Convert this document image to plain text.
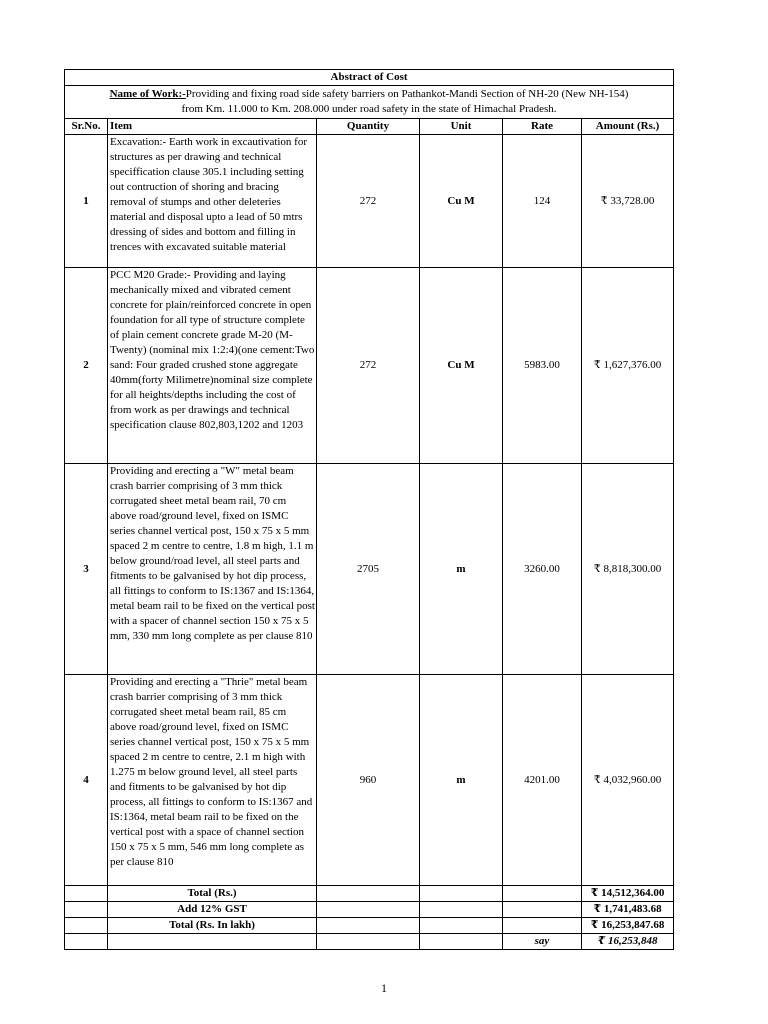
Abstract of Cost					
Name of Work:-Providing and fixing road side safety barriers on Pathankot-Mandi Section of NH-20 (New NH-154)
from Km. 11.000 to Km. 208.000 under road safety in the state of Himachal Pradesh.					
Sr.No.	Item	Quantity	Unit	Rate	Amount (Rs.)
1	Excavation:- Earth work in excautivation for structures as per drawing and technical speciffication clause 305.1 including setting out contruction of shoring and bracing removal of stumps and other deleteries material and disposal upto a lead of 50 mtrs dressing of sides and bottom and filling in trences with excavated suitable material	272	Cu M	124	₹ 33,728.00
2	PCC M20 Grade:- Providing and laying mechanically mixed and vibrated cement concrete for plain/reinforced concrete in open foundation for all type of structure complete of plain cement concrete grade M-20 (M-Twenty) (nominal mix 1:2:4)(one cement:Two sand: Four graded crushed stone aggregate 40mm(forty Milimetre)nominal size complete for all heights/depths including the cost of from work as per drawings and technical specification clause 802,803,1202 and 1203	272	Cu M	5983.00	₹ 1,627,376.00
3	Providing and erecting a "W" metal beam crash barrier comprising of 3 mm thick corrugated sheet metal beam rail, 70 cm above road/ground level, fixed on ISMC series channel vertical post, 150 x 75 x 5 mm spaced 2 m centre to centre, 1.8 m high, 1.1 m below ground/road level, all steel parts and fitments to be galvanised by hot dip process, all fittings to conform to IS:1367 and IS:1364, metal beam rail to be fixed on the vertical post with a spacer of channel section 150 x 75 x 5 mm, 330 mm long complete as per clause 810	2705	m	3260.00	₹ 8,818,300.00
4	Providing and erecting a "Thrie" metal beam crash barrier comprising of 3 mm thick corrugated sheet metal beam rail, 85 cm above road/ground level, fixed on ISMC series channel vertical post, 150 x 75 x 5 mm spaced 2 m centre to centre, 2.1 m high with 1.275 m below ground level, all steel parts and fitments to be galvanised by hot dip process, all fittings to conform to IS:1367 and IS:1364, metal beam rail to be fixed on the vertical post with a space of channel section 150 x 75 x 5 mm, 546 mm long complete as per clause 810	960	m	4201.00	₹ 4,032,960.00
	Total (Rs.)				₹ 14,512,364.00
	Add 12% GST				₹ 1,741,483.68
	Total (Rs. In lakh)				₹ 16,253,847.68
				say	₹ 16,253,848
1
